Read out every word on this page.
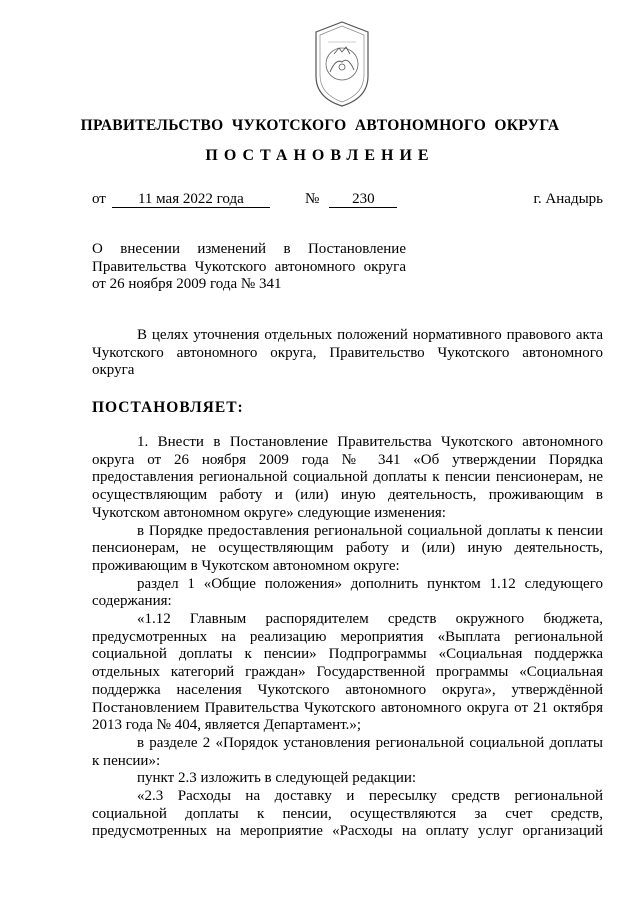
ПРАВИТЕЛЬСТВО  ЧУКОТСКОГО  АВТОНОМНОГО  ОКРУГА
ПОСТАНОВЛЕНИЕ
от 11 мая 2022 года	№ 230	г. Анадырь
О внесении изменений в Постановление
Правительства Чукотского автономного округа
от 26 ноября 2009 года № 341
В целях уточнения отдельных положений нормативного правового акта
Чукотского автономного округа, Правительство Чукотского автономного
округа
ПОСТАНОВЛЯЕТ:
1. Внести в Постановление Правительства Чукотского автономного
округа от 26 ноября 2009 года № 341 «Об утверждении Порядка
предоставления региональной социальной доплаты к пенсии пенсионерам, не
осуществляющим работу и (или) иную деятельность, проживающим в
Чукотском автономном округе» следующие изменения:
в Порядке предоставления региональной социальной доплаты к пенсии
пенсионерам, не осуществляющим работу и (или) иную деятельность,
проживающим в Чукотском автономном округе:
раздел 1 «Общие положения» дополнить пунктом 1.12 следующего
содержания:
«1.12 Главным распорядителем средств окружного бюджета,
предусмотренных на реализацию мероприятия «Выплата региональной
социальной доплаты к пенсии» Подпрограммы «Социальная поддержка
отдельных категорий граждан» Государственной программы «Социальная
поддержка населения Чукотского автономного округа», утверждённой
Постановлением Правительства Чукотского автономного округа от 21 октября
2013 года № 404, является Департамент.»;
в разделе 2 «Порядок установления региональной социальной доплаты
к пенсии»:
пункт 2.3 изложить в следующей редакции:
«2.3 Расходы на доставку и пересылку средств региональной
социальной доплаты к пенсии, осуществляются за счет средств,
предусмотренных на мероприятие «Расходы на оплату услуг организаций
